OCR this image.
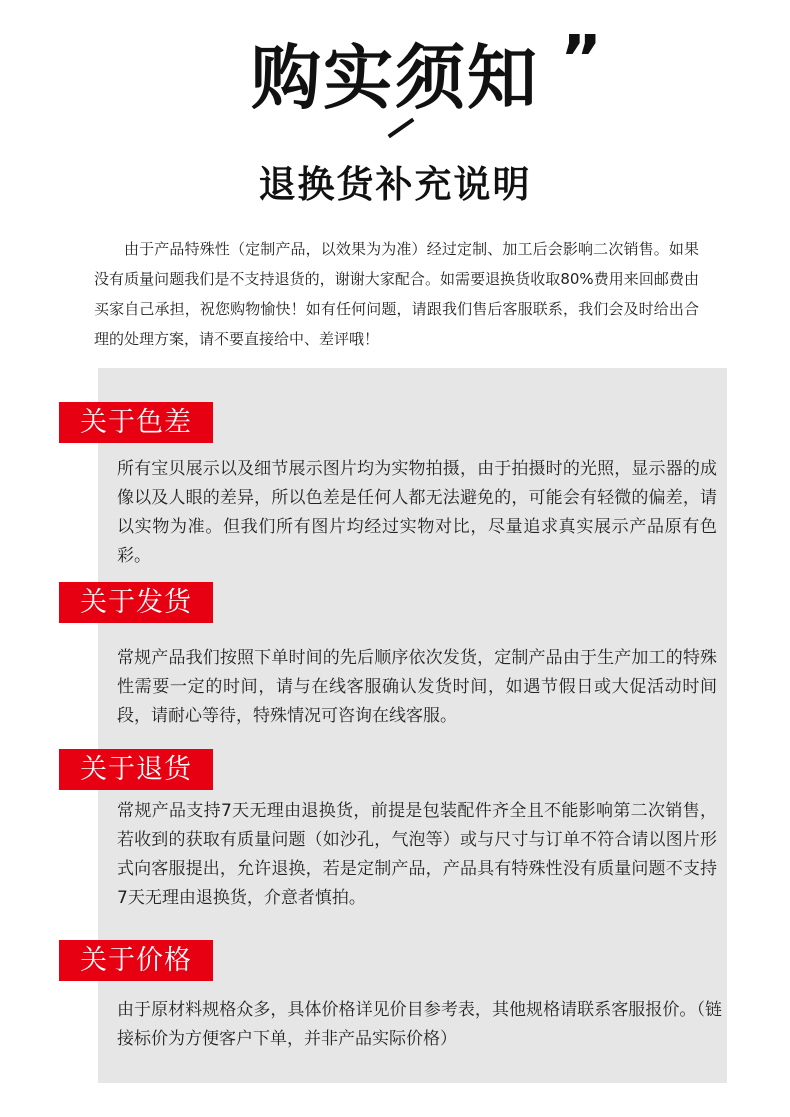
购实须知 ”
退换货补充说明
由于产品特殊性（定制产品，以效果为为准）经过定制、加工后会影响二次销售。如果没有质量问题我们是不支持退货的，谢谢大家配合。如需要退换货收取80%费用来回邮费由买家自己承担，祝您购物愉快！如有任何问题，请跟我们售后客服联系，我们会及时给出合理的处理方案，请不要直接给中、差评哦！
关于色差
所有宝贝展示以及细节展示图片均为实物拍摄，由于拍摄时的光照，显示器的成像以及人眼的差异，所以色差是任何人都无法避免的，可能会有轻微的偏差，请以实物为准。但我们所有图片均经过实物对比，尽量追求真实展示产品原有色彩。
关于发货
常规产品我们按照下单时间的先后顺序依次发货，定制产品由于生产加工的特殊性需要一定的时间，请与在线客服确认发货时间，如遇节假日或大促活动时间段，请耐心等待，特殊情况可咨询在线客服。
关于退货
常规产品支持7天无理由退换货，前提是包装配件齐全且不能影响第二次销售，若收到的获取有质量问题（如沙孔，气泡等）或与尺寸与订单不符合请以图片形式向客服提出，允许退换，若是定制产品，产品具有特殊性没有质量问题不支持7天无理由退换货，介意者慎拍。
关于价格
由于原材料规格众多，具体价格详见价目参考表，其他规格请联系客服报价。（链接标价为方便客户下单，并非产品实际价格）
